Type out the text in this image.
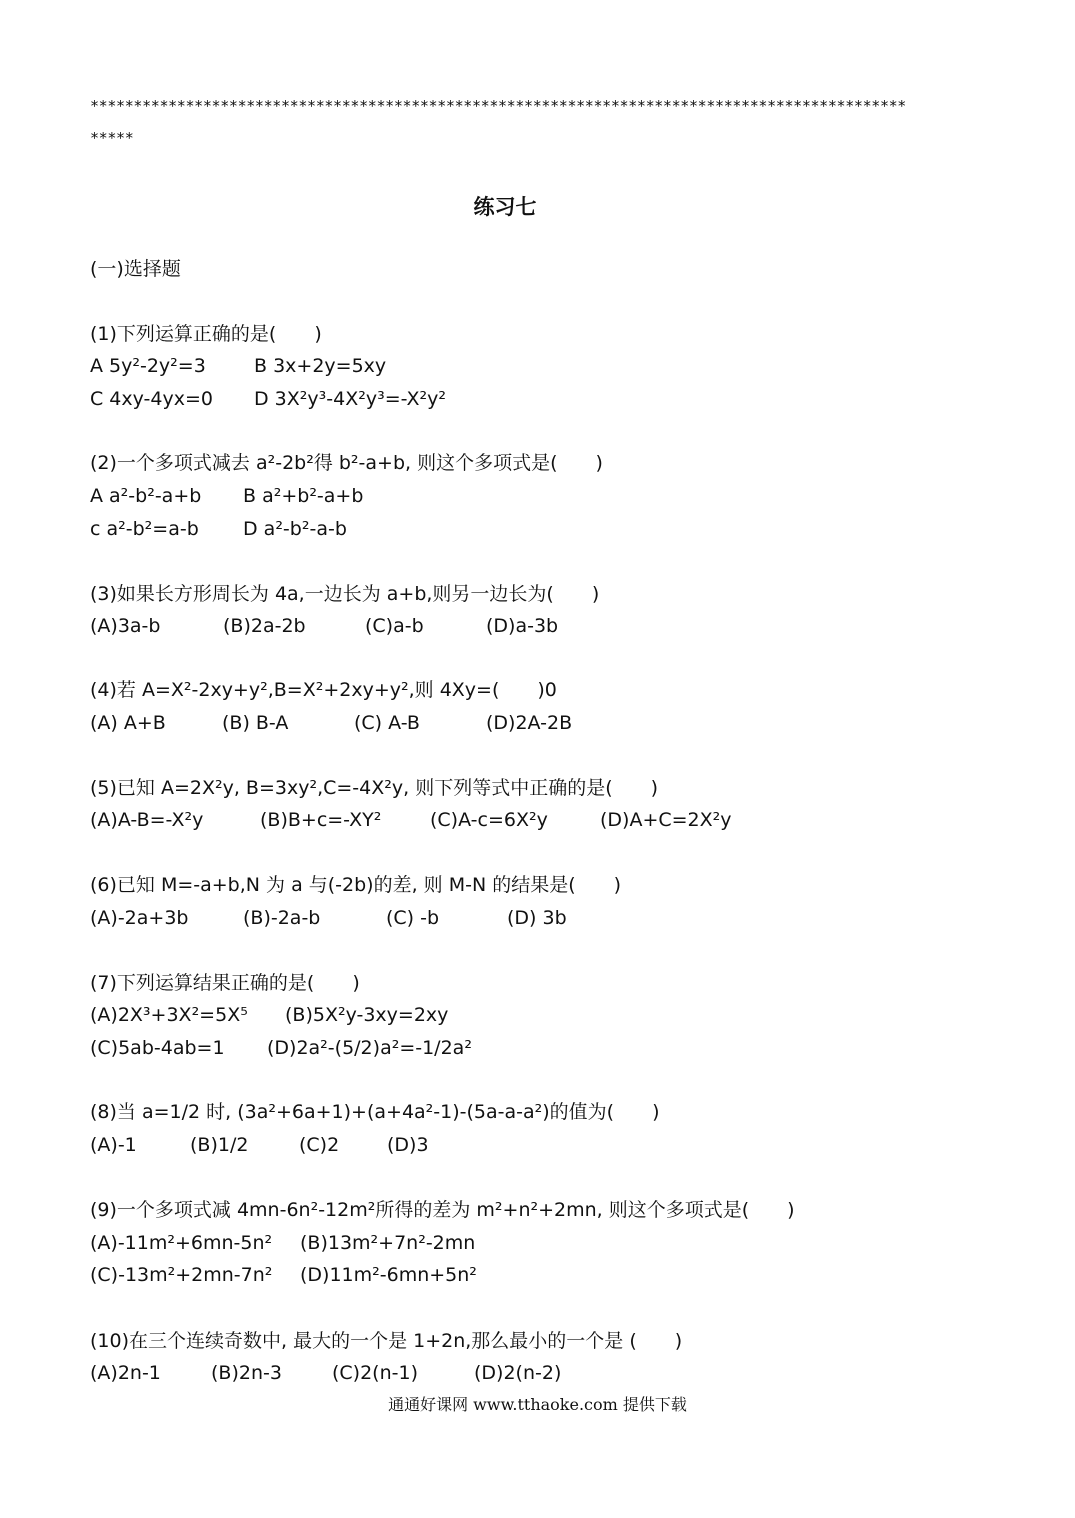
**********************************************************************************************
*****
练习七
(一)选择题
(1)下列运算正确的是(　　)
A 5y²-2y²=3	B 3x+2y=5xy
C 4xy-4yx=0 D 3X²y³-4X²y³=-X²y²
(2)一个多项式减去 a²-2b²得 b²-a+b, 则这个多项式是(　　)
A a²-b²-a+b B a²+b²-a+b
c a²-b²=a-b D a²-b²-a-b
(3)如果长方形周长为 4a,一边长为 a+b,则另一边长为(　　)
(A)3a-b	(B)2a-2b	(C)a-b	(D)a-3b
(4)若 A=X²-2xy+y²,B=X²+2xy+y²,则 4Xy=(　　)0
(A) A+B	(B) B-A	(C) A-B	(D)2A-2B
(5)已知 A=2X²y, B=3xy²,C=-4X²y, 则下列等式中正确的是(　　)
(A)A-B=-X²y	(B)B+c=-XY²	(C)A-c=6X²y	(D)A+C=2X²y
(6)已知 M=-a+b,N 为 a 与(-2b)的差, 则 M-N 的结果是(　　)
(A)-2a+3b	(B)-2a-b	(C) -b	(D) 3b
(7)下列运算结果正确的是(　　)
(A)2X³+3X²=5X⁵ (B)5X²y-3xy=2xy
(C)5ab-4ab=1 (D)2a²-(5/2)a²=-1/2a²
(8)当 a=1/2 时, (3a²+6a+1)+(a+4a²-1)-(5a-a-a²)的值为(　　)
(A)-1	(B)1/2	(C)2	(D)3
(9)一个多项式减 4mn-6n²-12m²所得的差为 m²+n²+2mn, 则这个多项式是(　　)
(A)-11m²+6mn-5n² (B)13m²+7n²-2mn
(C)-13m²+2mn-7n² (D)11m²-6mn+5n²
(10)在三个连续奇数中, 最大的一个是 1+2n,那么最小的一个是 (　　)
(A)2n-1	(B)2n-3	(C)2(n-1)	(D)2(n-2)
通通好课网 www.tthaoke.com 提供下载
